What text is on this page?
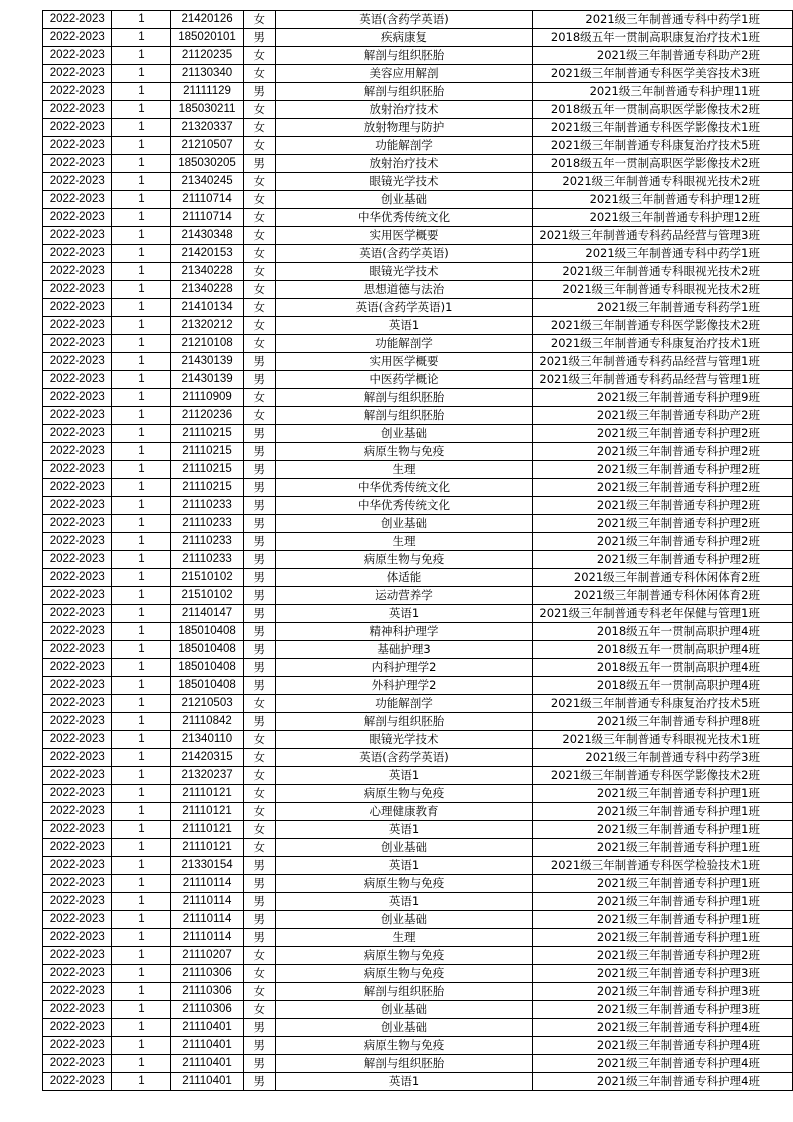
2022-2023	1	21420126	女	英语(含药学英语)	2021级三年制普通专科中药学1班
2022-2023	1	185020101	男	疾病康复	2018级五年一贯制高职康复治疗技术1班
2022-2023	1	21120235	女	解剖与组织胚胎	2021级三年制普通专科助产2班
2022-2023	1	21130340	女	美容应用解剖	2021级三年制普通专科医学美容技术3班
2022-2023	1	21111129	男	解剖与组织胚胎	2021级三年制普通专科护理11班
2022-2023	1	185030211	女	放射治疗技术	2018级五年一贯制高职医学影像技术2班
2022-2023	1	21320337	女	放射物理与防护	2021级三年制普通专科医学影像技术1班
2022-2023	1	21210507	女	功能解剖学	2021级三年制普通专科康复治疗技术5班
2022-2023	1	185030205	男	放射治疗技术	2018级五年一贯制高职医学影像技术2班
2022-2023	1	21340245	女	眼镜光学技术	2021级三年制普通专科眼视光技术2班
2022-2023	1	21110714	女	创业基础	2021级三年制普通专科护理12班
2022-2023	1	21110714	女	中华优秀传统文化	2021级三年制普通专科护理12班
2022-2023	1	21430348	女	实用医学概要	2021级三年制普通专科药品经营与管理3班
2022-2023	1	21420153	女	英语(含药学英语)	2021级三年制普通专科中药学1班
2022-2023	1	21340228	女	眼镜光学技术	2021级三年制普通专科眼视光技术2班
2022-2023	1	21340228	女	思想道德与法治	2021级三年制普通专科眼视光技术2班
2022-2023	1	21410134	女	英语(含药学英语)1	2021级三年制普通专科药学1班
2022-2023	1	21320212	女	英语1	2021级三年制普通专科医学影像技术2班
2022-2023	1	21210108	女	功能解剖学	2021级三年制普通专科康复治疗技术1班
2022-2023	1	21430139	男	实用医学概要	2021级三年制普通专科药品经营与管理1班
2022-2023	1	21430139	男	中医药学概论	2021级三年制普通专科药品经营与管理1班
2022-2023	1	21110909	女	解剖与组织胚胎	2021级三年制普通专科护理9班
2022-2023	1	21120236	女	解剖与组织胚胎	2021级三年制普通专科助产2班
2022-2023	1	21110215	男	创业基础	2021级三年制普通专科护理2班
2022-2023	1	21110215	男	病原生物与免疫	2021级三年制普通专科护理2班
2022-2023	1	21110215	男	生理	2021级三年制普通专科护理2班
2022-2023	1	21110215	男	中华优秀传统文化	2021级三年制普通专科护理2班
2022-2023	1	21110233	男	中华优秀传统文化	2021级三年制普通专科护理2班
2022-2023	1	21110233	男	创业基础	2021级三年制普通专科护理2班
2022-2023	1	21110233	男	生理	2021级三年制普通专科护理2班
2022-2023	1	21110233	男	病原生物与免疫	2021级三年制普通专科护理2班
2022-2023	1	21510102	男	体适能	2021级三年制普通专科休闲体育2班
2022-2023	1	21510102	男	运动营养学	2021级三年制普通专科休闲体育2班
2022-2023	1	21140147	男	英语1	2021级三年制普通专科老年保健与管理1班
2022-2023	1	185010408	男	精神科护理学	2018级五年一贯制高职护理4班
2022-2023	1	185010408	男	基础护理3	2018级五年一贯制高职护理4班
2022-2023	1	185010408	男	内科护理学2	2018级五年一贯制高职护理4班
2022-2023	1	185010408	男	外科护理学2	2018级五年一贯制高职护理4班
2022-2023	1	21210503	女	功能解剖学	2021级三年制普通专科康复治疗技术5班
2022-2023	1	21110842	男	解剖与组织胚胎	2021级三年制普通专科护理8班
2022-2023	1	21340110	女	眼镜光学技术	2021级三年制普通专科眼视光技术1班
2022-2023	1	21420315	女	英语(含药学英语)	2021级三年制普通专科中药学3班
2022-2023	1	21320237	女	英语1	2021级三年制普通专科医学影像技术2班
2022-2023	1	21110121	女	病原生物与免疫	2021级三年制普通专科护理1班
2022-2023	1	21110121	女	心理健康教育	2021级三年制普通专科护理1班
2022-2023	1	21110121	女	英语1	2021级三年制普通专科护理1班
2022-2023	1	21110121	女	创业基础	2021级三年制普通专科护理1班
2022-2023	1	21330154	男	英语1	2021级三年制普通专科医学检验技术1班
2022-2023	1	21110114	男	病原生物与免疫	2021级三年制普通专科护理1班
2022-2023	1	21110114	男	英语1	2021级三年制普通专科护理1班
2022-2023	1	21110114	男	创业基础	2021级三年制普通专科护理1班
2022-2023	1	21110114	男	生理	2021级三年制普通专科护理1班
2022-2023	1	21110207	女	病原生物与免疫	2021级三年制普通专科护理2班
2022-2023	1	21110306	女	病原生物与免疫	2021级三年制普通专科护理3班
2022-2023	1	21110306	女	解剖与组织胚胎	2021级三年制普通专科护理3班
2022-2023	1	21110306	女	创业基础	2021级三年制普通专科护理3班
2022-2023	1	21110401	男	创业基础	2021级三年制普通专科护理4班
2022-2023	1	21110401	男	病原生物与免疫	2021级三年制普通专科护理4班
2022-2023	1	21110401	男	解剖与组织胚胎	2021级三年制普通专科护理4班
2022-2023	1	21110401	男	英语1	2021级三年制普通专科护理4班
